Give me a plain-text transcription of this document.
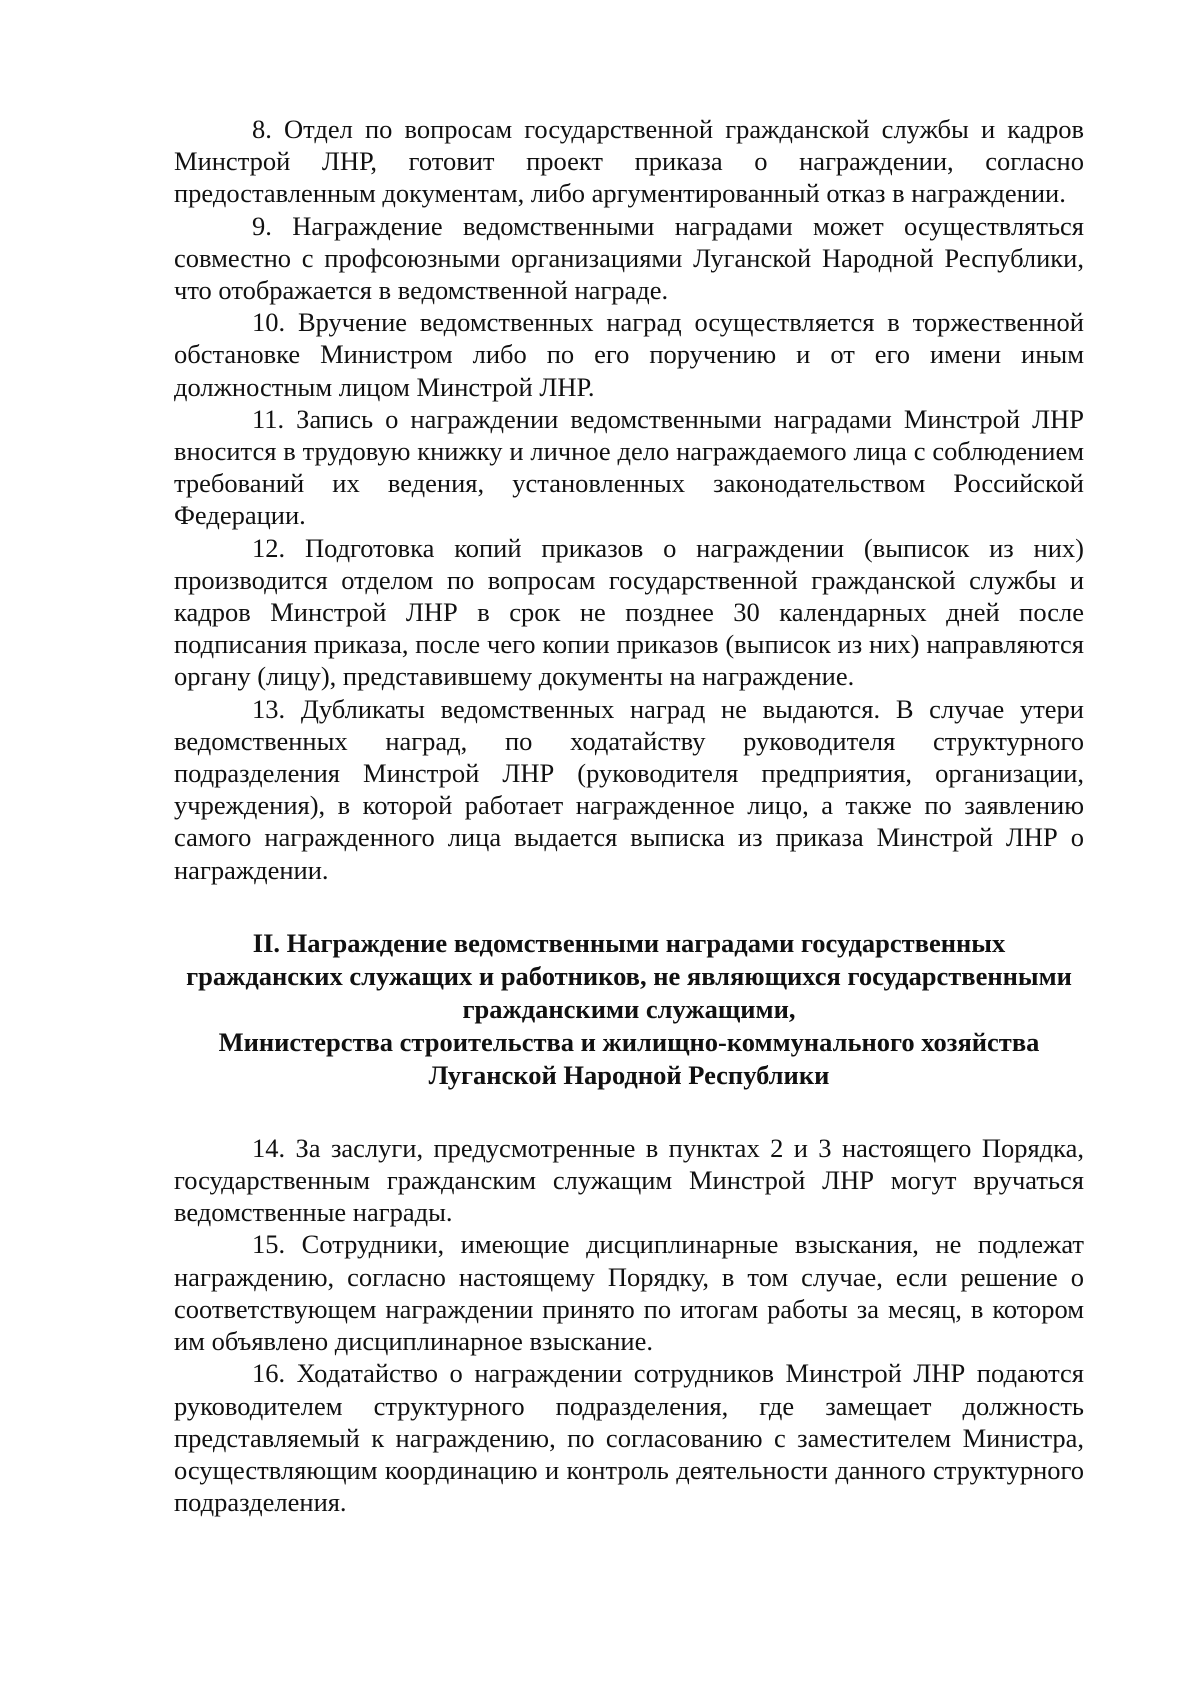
8. Отдел по вопросам государственной гражданской службы и кадров Минстрой ЛНР, готовит проект приказа о награждении, согласно предоставленным документам, либо аргументированный отказ в награждении.

9. Награждение ведомственными наградами может осуществляться совместно с профсоюзными организациями Луганской Народной Республики, что отображается в ведомственной награде.

10. Вручение ведомственных наград осуществляется в торжественной обстановке Министром либо по его поручению и от его имени иным должностным лицом Минстрой ЛНР.

11. Запись о награждении ведомственными наградами Минстрой ЛНР вносится в трудовую книжку и личное дело награждаемого лица с соблюдением требований их ведения, установленных законодательством Российской Федерации.

12. Подготовка копий приказов о награждении (выписок из них) производится отделом по вопросам государственной гражданской службы и кадров Минстрой ЛНР в срок не позднее 30 календарных дней после подписания приказа, после чего копии приказов (выписок из них) направляются органу (лицу), представившему документы на награждение.

13. Дубликаты ведомственных наград не выдаются. В случае утери ведомственных наград, по ходатайству руководителя структурного подразделения Минстрой ЛНР (руководителя предприятия, организации, учреждения), в которой работает награжденное лицо, а также по заявлению самого награжденного лица выдается выписка из приказа Минстрой ЛНР о награждении.

II. Награждение ведомственными наградами государственных
гражданских служащих и работников, не являющихся государственными
гражданскими служащими,
Министерства строительства и жилищно-коммунального хозяйства
Луганской Народной Республики

14. За заслуги, предусмотренные в пунктах 2 и 3 настоящего Порядка, государственным гражданским служащим Минстрой ЛНР могут вручаться ведомственные награды.

15. Сотрудники, имеющие дисциплинарные взыскания, не подлежат награждению, согласно настоящему Порядку, в том случае, если решение о соответствующем награждении принято по итогам работы за месяц, в котором им объявлено дисциплинарное взыскание.

16. Ходатайство о награждении сотрудников Минстрой ЛНР подаются руководителем структурного подразделения, где замещает должность представляемый к награждению, по согласованию с заместителем Министра, осуществляющим координацию и контроль деятельности данного структурного подразделения.
